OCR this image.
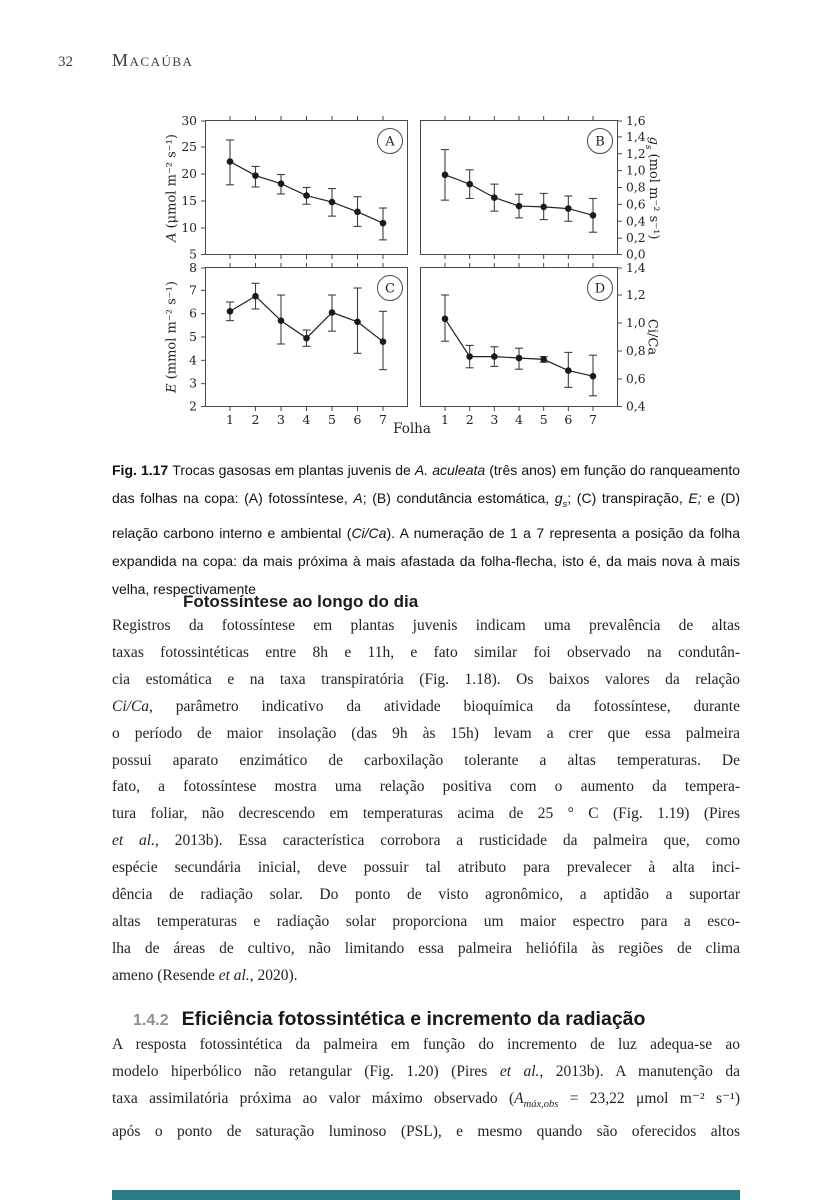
32 Macaúba
Folha
5
10
15
20
25
30
A
A (μmol m⁻² s⁻¹)
0,0
0,2
0,4
0,6
0,8
1,0
1,2
1,4
1,6
B	$g_s$ (mol m⁻² s⁻¹)
2
3
4
5
6
7
8
1 2 3 4 5 6 7
C
E (mmol m⁻² s⁻¹)
0,4
0,6
0,8
1,0
1,2
1,4
1 2 3 4 5 6 7
D
Ci/Ca
Fig. 1.17 Trocas gasosas em plantas juvenis de A. aculeata (três anos) em função do ranqueamento
das folhas na copa: (A) fotossíntese, A; (B) condutância estomática, $g_s$; (C) transpiração, E; e (D)
relação carbono interno e ambiental (Ci/Ca). A numeração de 1 a 7 representa a posição da folha
expandida na copa: da mais próxima à mais afastada da folha-flecha, isto é, da mais nova à mais
velha, respectivamente
Fotossíntese ao longo do dia
Registros da fotossíntese em plantas juvenis indicam uma prevalência de altas
taxas fotossintéticas entre 8h e 11h, e fato similar foi observado na condutân-
cia estomática e na taxa transpiratória (Fig. 1.18). Os baixos valores da relação
Ci/Ca, parâmetro indicativo da atividade bioquímica da fotossíntese, durante
o período de maior insolação (das 9h às 15h) levam a crer que essa palmeira
possui aparato enzimático de carboxilação tolerante a altas temperaturas. De
fato, a fotossíntese mostra uma relação positiva com o aumento da tempera-
tura foliar, não decrescendo em temperaturas acima de 25 ° C (Fig. 1.19) (Pires
et al., 2013b). Essa característica corrobora a rusticidade da palmeira que, como
espécie secundária inicial, deve possuir tal atributo para prevalecer à alta inci-
dência de radiação solar. Do ponto de visto agronômico, a aptidão a suportar
altas temperaturas e radiação solar proporciona um maior espectro para a esco-
lha de áreas de cultivo, não limitando essa palmeira heliófila às regiões de clima
ameno (Resende et al., 2020).
1.4.2 Eficiência fotossintética e incremento da radiação
A resposta fotossintética da palmeira em função do incremento de luz adequa-se ao
modelo hiperbólico não retangular (Fig. 1.20) (Pires et al., 2013b). A manutenção da
taxa assimilatória próxima ao valor máximo observado ($A_{máx,obs} = 23,22$ μmol m⁻² s⁻¹)
após o ponto de saturação luminoso (PSL), e mesmo quando são oferecidos altos
